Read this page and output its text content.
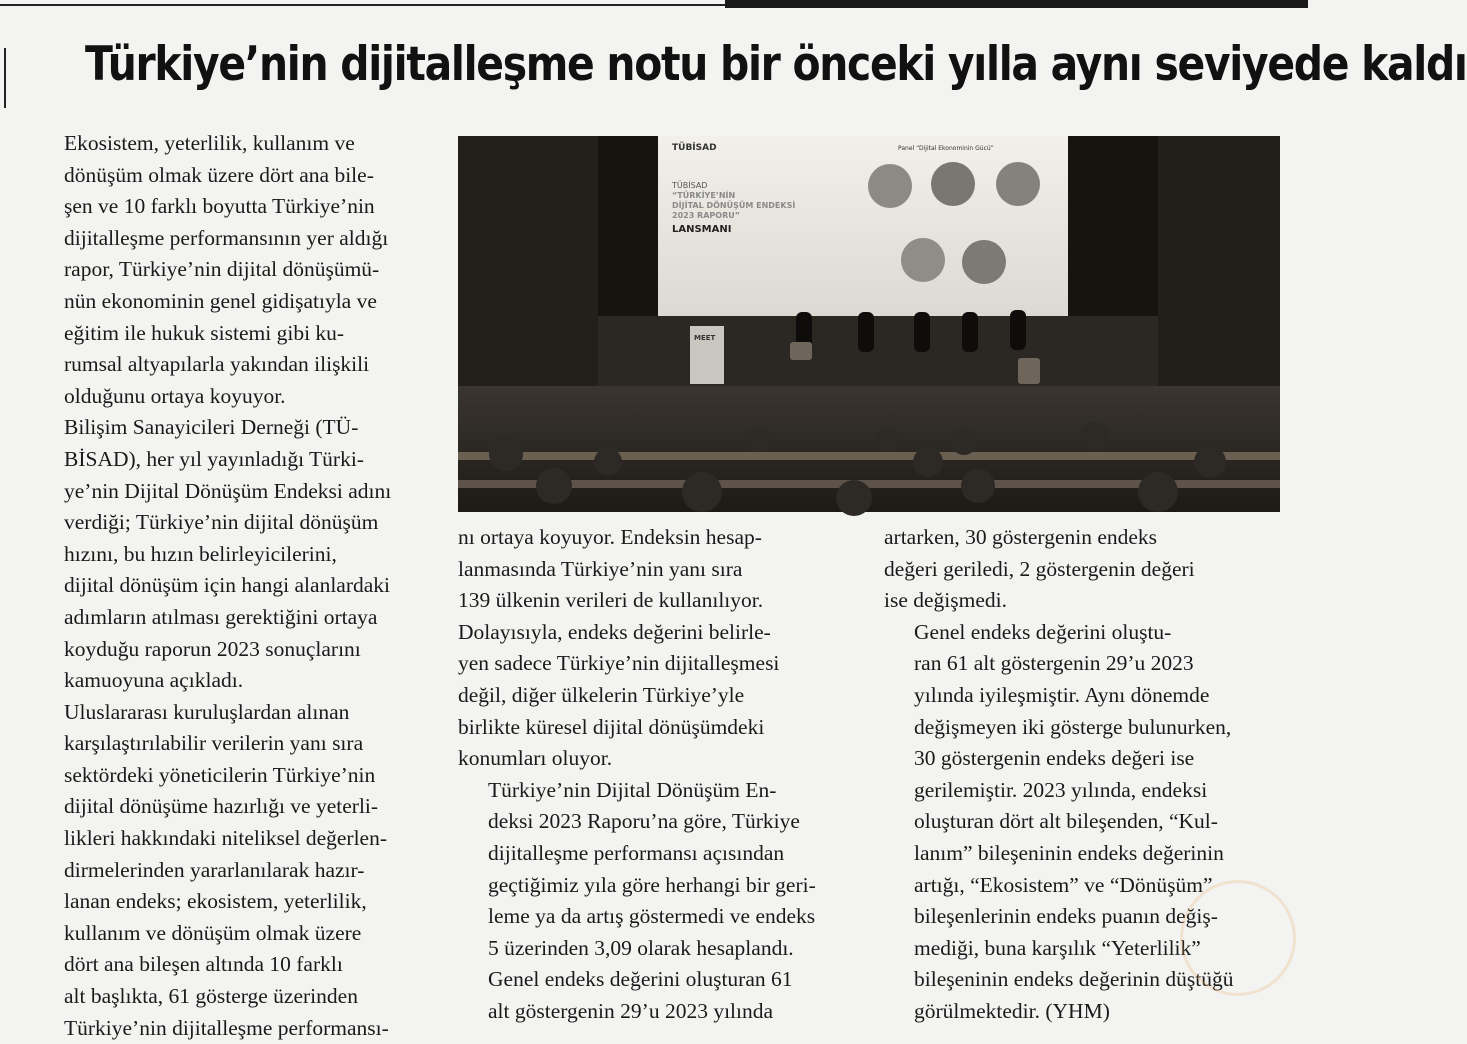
Türkiye’nin dijitalleşme notu bir önceki yılla aynı seviyede kaldı

Ekosistem, yeterlilik, kullanım ve
dönüşüm olmak üzere dört ana bile-
şen ve 10 farklı boyutta Türkiye’nin
dijitalleşme performansının yer aldığı
rapor, Türkiye’nin dijital dönüşümü-
nün ekonominin genel gidişatıyla ve
eğitim ile hukuk sistemi gibi ku-
rumsal altyapılarla yakından ilişkili
olduğunu ortaya koyuyor.

Bilişim Sanayicileri Derneği (TÜ-
BİSAD), her yıl yayınladığı Türki-
ye’nin Dijital Dönüşüm Endeksi adını
verdiği; Türkiye’nin dijital dönüşüm
hızını, bu hızın belirleyicilerini,
dijital dönüşüm için hangi alanlardaki
adımların atılması gerektiğini ortaya
koyduğu raporun 2023 sonuçlarını
kamuoyuna açıkladı.

Uluslararası kuruluşlardan alınan
karşılaştırılabilir verilerin yanı sıra
sektördeki yöneticilerin Türkiye’nin
dijital dönüşüme hazırlığı ve yeterli-
likleri hakkındaki niteliksel değerlen-
dirmelerinden yararlanılarak hazır-
lanan endeks; ekosistem, yeterlilik,
kullanım ve dönüşüm olmak üzere
dört ana bileşen altında 10 farklı
alt başlıkta, 61 gösterge üzerinden
Türkiye’nin dijitalleşme performansı-

TÜBİSAD
TÜBİSAD
“TÜRKİYE’NİN
DİJİTAL DÖNÜŞÜM ENDEKSİ
2023 RAPORU”
LANSMANI
Panel “Dijital Ekonominin Gücü”
MEET

nı ortaya koyuyor. Endeksin hesap-
lanmasında Türkiye’nin yanı sıra
139 ülkenin verileri de kullanılıyor.
Dolayısıyla, endeks değerini belirle-
yen sadece Türkiye’nin dijitalleşmesi
değil, diğer ülkelerin Türkiye’yle
birlikte küresel dijital dönüşümdeki
konumları oluyor.

Türkiye’nin Dijital Dönüşüm En-
deksi 2023 Raporu’na göre, Türkiye
dijitalleşme performansı açısından
geçtiğimiz yıla göre herhangi bir geri-
leme ya da artış göstermedi ve endeks
5 üzerinden 3,09 olarak hesaplandı.
Genel endeks değerini oluşturan 61
alt göstergenin 29’u 2023 yılında

artarken, 30 göstergenin endeks
değeri geriledi, 2 göstergenin değeri
ise değişmedi.

Genel endeks değerini oluştu-
ran 61 alt göstergenin 29’u 2023
yılında iyileşmiştir. Aynı dönemde
değişmeyen iki gösterge bulunurken,
30 göstergenin endeks değeri ise
gerilemiştir. 2023 yılında, endeksi
oluşturan dört alt bileşenden, “Kul-
lanım” bileşeninin endeks değerinin
artığı, “Ekosistem” ve “Dönüşüm”
bileşenlerinin endeks puanın değiş-
mediği, buna karşılık “Yeterlilik”
bileşeninin endeks değerinin düştüğü
görülmektedir. (YHM)
